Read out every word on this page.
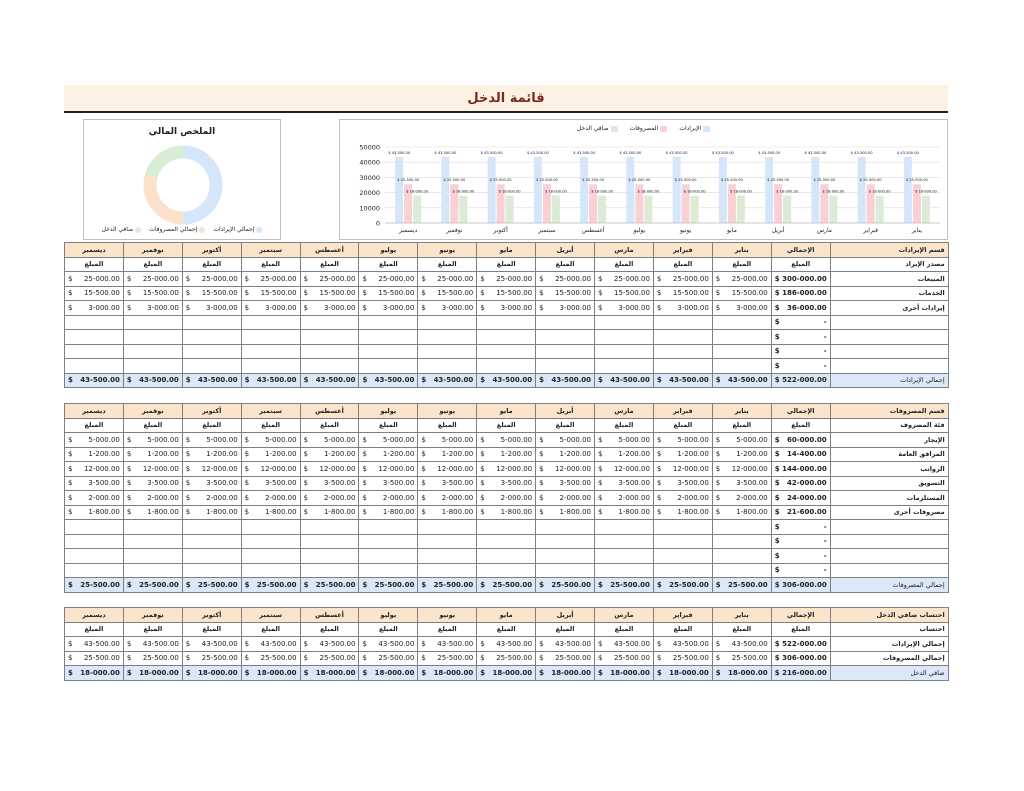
قائمة الدخل
الملخص المالي
إجمالي الإيرادات
إجمالي المصروفات
صافي الدخل
الإيرادات
المصروفات
صافي الدخل
50000
40000
30000
20000
10000
0
$ 43-500.00
$ 25-500.00
$ 18-000.00
ديسمبر
$ 43-500.00
$ 25-500.00
$ 18-000.00
نوفمبر
$ 43-500.00
$ 25-500.00
$ 18-000.00
أكتوبر
$ 43-500.00
$ 25-500.00
$ 18-000.00
سبتمبر
$ 43-500.00
$ 25-500.00
$ 18-000.00
أغسطس
$ 43-500.00
$ 25-500.00
$ 18-000.00
يوليو
$ 43-500.00
$ 25-500.00
$ 18-000.00
يونيو
$ 43-500.00
$ 25-500.00
$ 18-000.00
مايو
$ 43-500.00
$ 25-500.00
$ 18-000.00
أبريل
$ 43-500.00
$ 25-500.00
$ 18-000.00
مارس
$ 43-500.00
$ 25-500.00
$ 18-000.00
فبراير
$ 43-500.00
$ 25-500.00
$ 18-000.00
يناير
قسم الإيرادات	الإجمالي	يناير	فبراير	مارس	أبريل	مايو	يونيو	يوليو	أغسطس	سبتمبر	أكتوبر	نوفمبر	ديسمبر
مصدر الإيراد	المبلغ	المبلغ	المبلغ	المبلغ	المبلغ	المبلغ	المبلغ	المبلغ	المبلغ	المبلغ	المبلغ	المبلغ	المبلغ
المبيعات	$ 300-000.00	$ 25-000.00	$ 25-000.00	$ 25-000.00	$ 25-000.00	$ 25-000.00	$ 25-000.00	$ 25-000.00	$ 25-000.00	$ 25-000.00	$ 25-000.00	$ 25-000.00	$ 25-000.00

الخدمات	$ 186-000.00	$ 15-500.00	$ 15-500.00	$ 15-500.00	$ 15-500.00	$ 15-500.00	$ 15-500.00	$ 15-500.00	$ 15-500.00	$ 15-500.00	$ 15-500.00	$ 15-500.00	$ 15-500.00

إيرادات أخرى	$ 36-000.00	$ 3-000.00	$ 3-000.00	$ 3-000.00	$ 3-000.00	$ 3-000.00	$ 3-000.00	$ 3-000.00	$ 3-000.00	$ 3-000.00	$ 3-000.00	$ 3-000.00	$ 3-000.00

	$ -												

	$ -												

	$ -												

	$ -												

إجمالي الإيرادات	$ 522-000.00	$ 43-500.00	$ 43-500.00	$ 43-500.00	$ 43-500.00	$ 43-500.00	$ 43-500.00	$ 43-500.00	$ 43-500.00	$ 43-500.00	$ 43-500.00	$ 43-500.00	$ 43-500.00
قسم المصروفات	الإجمالي	يناير	فبراير	مارس	أبريل	مايو	يونيو	يوليو	أغسطس	سبتمبر	أكتوبر	نوفمبر	ديسمبر
فئة المصروف	المبلغ	المبلغ	المبلغ	المبلغ	المبلغ	المبلغ	المبلغ	المبلغ	المبلغ	المبلغ	المبلغ	المبلغ	المبلغ
الإيجار	$ 60-000.00	$ 5-000.00	$ 5-000.00	$ 5-000.00	$ 5-000.00	$ 5-000.00	$ 5-000.00	$ 5-000.00	$ 5-000.00	$ 5-000.00	$ 5-000.00	$ 5-000.00	$ 5-000.00

المرافق العامة	$ 14-400.00	$ 1-200.00	$ 1-200.00	$ 1-200.00	$ 1-200.00	$ 1-200.00	$ 1-200.00	$ 1-200.00	$ 1-200.00	$ 1-200.00	$ 1-200.00	$ 1-200.00	$ 1-200.00

الرواتب	$ 144-000.00	$ 12-000.00	$ 12-000.00	$ 12-000.00	$ 12-000.00	$ 12-000.00	$ 12-000.00	$ 12-000.00	$ 12-000.00	$ 12-000.00	$ 12-000.00	$ 12-000.00	$ 12-000.00

التسويق	$ 42-000.00	$ 3-500.00	$ 3-500.00	$ 3-500.00	$ 3-500.00	$ 3-500.00	$ 3-500.00	$ 3-500.00	$ 3-500.00	$ 3-500.00	$ 3-500.00	$ 3-500.00	$ 3-500.00

المستلزمات	$ 24-000.00	$ 2-000.00	$ 2-000.00	$ 2-000.00	$ 2-000.00	$ 2-000.00	$ 2-000.00	$ 2-000.00	$ 2-000.00	$ 2-000.00	$ 2-000.00	$ 2-000.00	$ 2-000.00

مصروفات أخرى	$ 21-600.00	$ 1-800.00	$ 1-800.00	$ 1-800.00	$ 1-800.00	$ 1-800.00	$ 1-800.00	$ 1-800.00	$ 1-800.00	$ 1-800.00	$ 1-800.00	$ 1-800.00	$ 1-800.00

	$ -												

	$ -												

	$ -												

	$ -												

إجمالي المصروفات	$ 306-000.00	$ 25-500.00	$ 25-500.00	$ 25-500.00	$ 25-500.00	$ 25-500.00	$ 25-500.00	$ 25-500.00	$ 25-500.00	$ 25-500.00	$ 25-500.00	$ 25-500.00	$ 25-500.00
احتساب صافي الدخل	الإجمالي	يناير	فبراير	مارس	أبريل	مايو	يونيو	يوليو	أغسطس	سبتمبر	أكتوبر	نوفمبر	ديسمبر
احتساب	المبلغ	المبلغ	المبلغ	المبلغ	المبلغ	المبلغ	المبلغ	المبلغ	المبلغ	المبلغ	المبلغ	المبلغ	المبلغ
إجمالي الإيرادات	$ 522-000.00	$ 43-500.00	$ 43-500.00	$ 43-500.00	$ 43-500.00	$ 43-500.00	$ 43-500.00	$ 43-500.00	$ 43-500.00	$ 43-500.00	$ 43-500.00	$ 43-500.00	$ 43-500.00

إجمالي المصروفات	$ 306-000.00	$ 25-500.00	$ 25-500.00	$ 25-500.00	$ 25-500.00	$ 25-500.00	$ 25-500.00	$ 25-500.00	$ 25-500.00	$ 25-500.00	$ 25-500.00	$ 25-500.00	$ 25-500.00

صافي الدخل	$ 216-000.00	$ 18-000.00	$ 18-000.00	$ 18-000.00	$ 18-000.00	$ 18-000.00	$ 18-000.00	$ 18-000.00	$ 18-000.00	$ 18-000.00	$ 18-000.00	$ 18-000.00	$ 18-000.00
